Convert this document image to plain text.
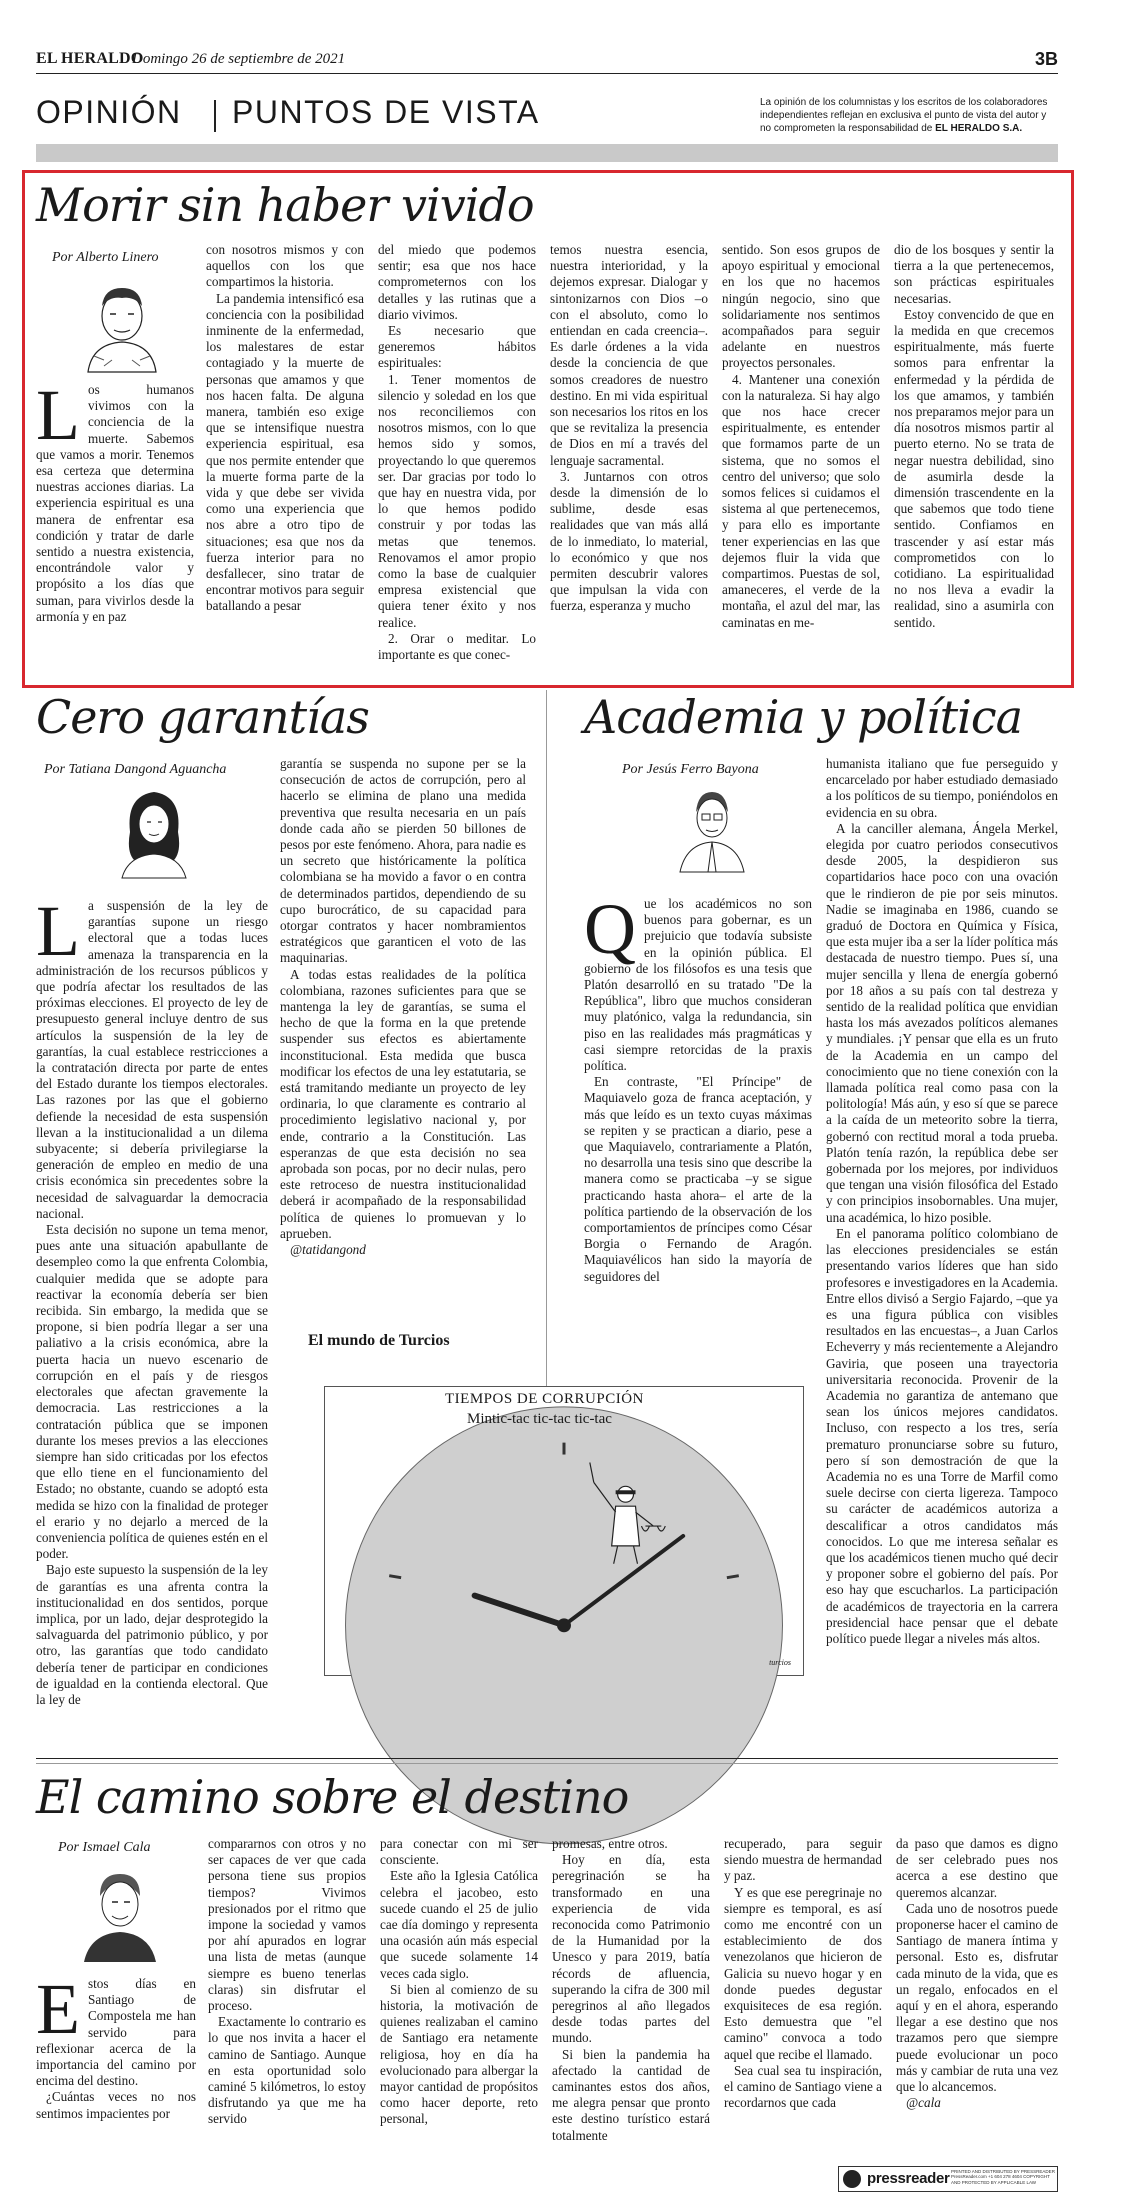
EL HERALDO
Domingo 26 de septiembre de 2021	3B
OPINIÓN PUNTOS DE VISTA	La opinión de los columnistas y los escritos de los colaboradores independientes reflejan en exclusiva el punto de vista del autor y no comprometen la responsabilidad de EL HERALDO S.A.
Morir sin haber vivido
Por Alberto Linero

Los humanos vivimos con la conciencia de la muerte. Sabemos que vamos a morir. Tenemos esa certeza que determina nuestras acciones diarias. La experiencia espiritual es una manera de enfrentar esa condición y tratar de darle sentido a nuestra existencia, encontrándole valor y propósito a los días que suman, para vivirlos desde la armonía y en paz

con nosotros mismos y con aquellos con los que compartimos la historia.

La pandemia intensificó esa conciencia con la posibilidad inminente de la enfermedad, los malestares de estar contagiado y la muerte de personas que amamos y que nos hacen falta. De alguna manera, también eso exige que se intensifique nuestra experiencia espiritual, esa que nos permite entender que la muerte forma parte de la vida y que debe ser vivida como una experiencia que nos abre a otro tipo de situaciones; esa que nos da fuerza interior para no desfallecer, sino tratar de encontrar motivos para seguir batallando a pesar

del miedo que podemos sentir; esa que nos hace comprometernos con los detalles y las rutinas que a diario vivimos.

Es necesario que generemos hábitos espirituales:

1. Tener momentos de silencio y soledad en los que nos reconciliemos con nosotros mismos, con lo que hemos sido y somos, proyectando lo que queremos ser. Dar gracias por todo lo que hay en nuestra vida, por lo que hemos podido construir y por todas las metas que tenemos. Renovamos el amor propio como la base de cualquier empresa existencial que quiera tener éxito y nos realice.

2. Orar o meditar. Lo importante es que conec-

temos nuestra esencia, nuestra interioridad, y la dejemos expresar. Dialogar y sintonizarnos con Dios –o con el absoluto, como lo entiendan en cada creencia–. Es darle órdenes a la vida desde la conciencia de que somos creadores de nuestro destino. En mi vida espiritual son necesarios los ritos en los que se revitaliza la presencia de Dios en mí a través del lenguaje sacramental.

3. Juntarnos con otros desde la dimensión de lo sublime, desde esas realidades que van más allá de lo inmediato, lo material, lo económico y que nos permiten descubrir valores que impulsan la vida con fuerza, esperanza y mucho

sentido. Son esos grupos de apoyo espiritual y emocional en los que no hacemos ningún negocio, sino que solidariamente nos sentimos acompañados para seguir adelante en nuestros proyectos personales.

4. Mantener una conexión con la naturaleza. Si hay algo que nos hace crecer espiritualmente, es entender que formamos parte de un sistema, que no somos el centro del universo; que solo somos felices si cuidamos el sistema al que pertenecemos, y para ello es importante tener experiencias en las que dejemos fluir la vida que compartimos. Puestas de sol, amaneceres, el verde de la montaña, el azul del mar, las caminatas en me-

dio de los bosques y sentir la tierra a la que pertenecemos, son prácticas espirituales necesarias.

Estoy convencido de que en la medida en que crecemos espiritualmente, más fuerte somos para enfrentar la enfermedad y la pérdida de los que amamos, y también nos preparamos mejor para un día nosotros mismos partir al puerto eterno. No se trata de negar nuestra debilidad, sino de asumirla desde la dimensión trascendente en la que sabemos que todo tiene sentido. Confiamos en trascender y así estar más comprometidos con lo cotidiano. La espiritualidad no nos lleva a evadir la realidad, sino a asumirla con sentido.

Cero garantías
Por Tatiana Dangond Aguancha

La suspensión de la ley de garantías supone un riesgo electoral que a todas luces amenaza la transparencia en la administración de los recursos públicos y que podría afectar los resultados de las próximas elecciones. El proyecto de ley de presupuesto general incluye dentro de sus artículos la suspensión de la ley de garantías, la cual establece restricciones a la contratación directa por parte de entes del Estado durante los tiempos electorales. Las razones por las que el gobierno defiende la necesidad de esta suspensión llevan a la institucionalidad a un dilema subyacente; si debería privilegiarse la generación de empleo en medio de una crisis económica sin precedentes sobre la necesidad de salvaguardar la democracia nacional.

Esta decisión no supone un tema menor, pues ante una situación apabullante de desempleo como la que enfrenta Colombia, cualquier medida que se adopte para reactivar la economía debería ser bien recibida. Sin embargo, la medida que se propone, si bien podría llegar a ser una paliativo a la crisis económica, abre la puerta hacia un nuevo escenario de corrupción en el país y de riesgos electorales que afectan gravemente la democracia. Las restricciones a la contratación pública que se imponen durante los meses previos a las elecciones siempre han sido criticadas por los efectos que ello tiene en el funcionamiento del Estado; no obstante, cuando se adoptó esta medida se hizo con la finalidad de proteger el erario y no dejarlo a merced de la conveniencia política de quienes estén en el poder.

Bajo este supuesto la suspensión de la ley de garantías es una afrenta contra la institucionalidad en dos sentidos, porque implica, por un lado, dejar desprotegido la salvaguarda del patrimonio público, y por otro, las garantías que todo candidato debería tener de participar en condiciones de igualdad en la contienda electoral. Que la ley de

garantía se suspenda no supone per se la consecución de actos de corrupción, pero al hacerlo se elimina de plano una medida preventiva que resulta necesaria en un país donde cada año se pierden 50 billones de pesos por este fenómeno. Ahora, para nadie es un secreto que históricamente la política colombiana se ha movido a favor o en contra de determinados partidos, dependiendo de su cupo burocrático, de su capacidad para otorgar contratos y hacer nombramientos estratégicos que garanticen el voto de las maquinarias.

A todas estas realidades de la política colombiana, razones suficientes para que se mantenga la ley de garantías, se suma el hecho de que la forma en la que pretende suspender sus efectos es abiertamente inconstitucional. Esta medida que busca modificar los efectos de una ley estatutaria, se está tramitando mediante un proyecto de ley ordinaria, lo que claramente es contrario al procedimiento legislativo nacional y, por ende, contrario a la Constitución. Las esperanzas de que esta decisión no sea aprobada son pocas, por no decir nulas, pero este retroceso de nuestra institucionalidad deberá ir acompañado de la responsabilidad política de quienes lo promuevan y lo aprueben.

@tatidangond

Academia y política
Por Jesús Ferro Bayona

Que los académicos no son buenos para gobernar, es un prejuicio que todavía subsiste en la opinión pública. El gobierno de los filósofos es una tesis que Platón desarrolló en su tratado "De la República", libro que muchos consideran muy platónico, valga la redundancia, sin piso en las realidades más pragmáticas y casi siempre retorcidas de la praxis política.

En contraste, "El Príncipe" de Maquiavelo goza de franca aceptación, y más que leído es un texto cuyas máximas se repiten y se practican a diario, pese a que Maquiavelo, contrariamente a Platón, no desarrolla una tesis sino que describe la manera como se practicaba –y se sigue practicando hasta ahora– el arte de la política partiendo de la observación de los comportamientos de príncipes como César Borgia o Fernando de Aragón. Maquiavélicos han sido la mayoría de seguidores del

humanista italiano que fue perseguido y encarcelado por haber estudiado demasiado a los políticos de su tiempo, poniéndolos en evidencia en su obra.

A la canciller alemana, Ángela Merkel, elegida por cuatro periodos consecutivos desde 2005, la despidieron sus copartidarios hace poco con una ovación que le rindieron de pie por seis minutos. Nadie se imaginaba en 1986, cuando se graduó de Doctora en Química y Física, que esta mujer iba a ser la líder política más destacada de nuestro tiempo. Pues sí, una mujer sencilla y llena de energía gobernó por 18 años a su país con tal destreza y sentido de la realidad política que envidian hasta los más avezados políticos alemanes y mundiales. ¡Y pensar que ella es un fruto de la Academia en un campo del conocimiento que no tiene conexión con la llamada política real como pasa con la politología! Más aún, y eso sí que se parece a la caída de un meteorito sobre la tierra, gobernó con rectitud moral a toda prueba. Platón tenía razón, la república debe ser gobernada por los mejores, por individuos que tengan una visión filosófica del Estado y con principios insobornables. Una mujer, una académica, lo hizo posible.

En el panorama político colombiano de las elecciones presidenciales se están presentando varios líderes que han sido profesores e investigadores en la Academia. Entre ellos divisó a Sergio Fajardo, –que ya es una figura pública con visibles resultados en las encuestas–, a Juan Carlos Echeverry y más recientemente a Alejandro Gaviria, que poseen una trayectoria universitaria reconocida. Provenir de la Academia no garantiza de antemano que sean los únicos mejores candidatos. Incluso, con respecto a los tres, sería prematuro pronunciarse sobre su futuro, pero sí son demostración de que la Academia no es una Torre de Marfil como suele decirse con cierta ligereza. Tampoco su carácter de académicos autoriza a descalificar a otros candidatos más conocidos. Lo que me interesa señalar es que los académicos tienen mucho qué decir y proponer sobre el gobierno del país. Por eso hay que escucharlos. La participación de académicos de trayectoria en la carrera presidencial hace pensar que el debate político puede llegar a niveles más altos.

El mundo de Turcios
TIEMPOS DE CORRUPCIÓN
Mintic-tac tic-tac tic-tac
turcios
El camino sobre el destino
Por Ismael Cala

Estos días en Santiago de Compostela me han servido para reflexionar acerca de la importancia del camino por encima del destino.

¿Cuántas veces no nos sentimos impacientes por

compararnos con otros y no ser capaces de ver que cada persona tiene sus propios tiempos? Vivimos presionados por el ritmo que impone la sociedad y vamos por ahí apurados en lograr una lista de metas (aunque siempre es bueno tenerlas claras) sin disfrutar el proceso.

Exactamente lo contrario es lo que nos invita a hacer el camino de Santiago. Aunque en esta oportunidad solo caminé 5 kilómetros, lo estoy disfrutando ya que me ha servido

para conectar con mi ser consciente.

Este año la Iglesia Católica celebra el jacobeo, esto sucede cuando el 25 de julio cae día domingo y representa una ocasión aún más especial que sucede solamente 14 veces cada siglo.

Si bien al comienzo de su historia, la motivación de quienes realizaban el camino de Santiago era netamente religiosa, hoy en día ha evolucionado para albergar la mayor cantidad de propósitos como hacer deporte, reto personal,

promesas, entre otros.

Hoy en día, esta peregrinación se ha transformado en una experiencia de vida reconocida como Patrimonio de la Humanidad por la Unesco y para 2019, batía récords de afluencia, superando la cifra de 300 mil peregrinos al año llegados desde todas partes del mundo.

Si bien la pandemia ha afectado la cantidad de caminantes estos dos años, me alegra pensar que pronto este destino turístico estará totalmente

recuperado, para seguir siendo muestra de hermandad y paz.

Y es que ese peregrinaje no siempre es temporal, es así como me encontré con un establecimiento de dos venezolanos que hicieron de Galicia su nuevo hogar y en donde puedes degustar exquisiteces de esa región. Esto demuestra que "el camino" convoca a todo aquel que recibe el llamado.

Sea cual sea tu inspiración, el camino de Santiago viene a recordarnos que cada

da paso que damos es digno de ser celebrado pues nos acerca a ese destino que queremos alcanzar.

Cada uno de nosotros puede proponerse hacer el camino de Santiago de manera íntima y personal. Esto es, disfrutar cada minuto de la vida, que es un regalo, enfocados en el aquí y en el ahora, esperando llegar a ese destino que nos trazamos pero que siempre puede evolucionar un poco más y cambiar de ruta una vez que lo alcancemos.

@cala

pressreader PRINTED AND DISTRIBUTED BY PRESSREADER PressReader.com +1 604 278 4604 COPYRIGHT AND PROTECTED BY APPLICABLE LAW
